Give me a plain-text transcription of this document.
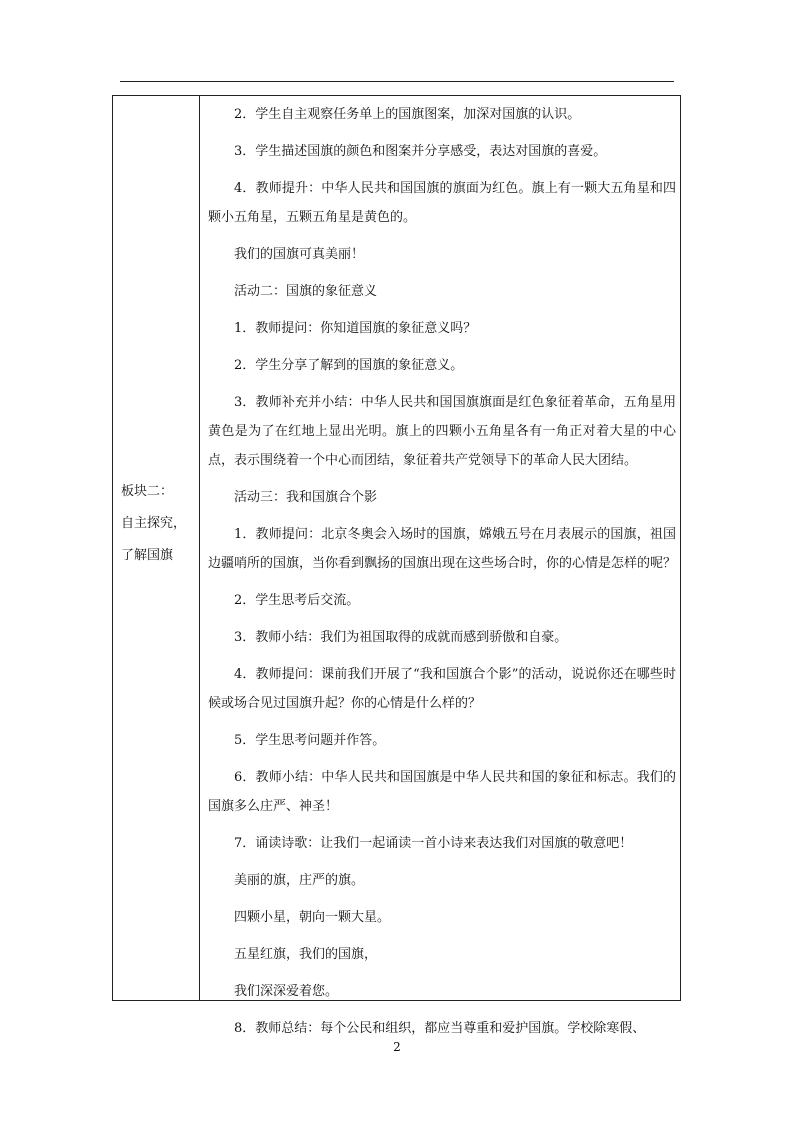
板块二：
自主探究，
了解国旗

2．学生自主观察任务单上的国旗图案，加深对国旗的认识。

3．学生描述国旗的颜色和图案并分享感受，表达对国旗的喜爱。

4．教师提升：中华人民共和国国旗的旗面为红色。旗上有一颗大五角星和四颗小五角星，五颗五角星是黄色的。

我们的国旗可真美丽！

活动二：国旗的象征意义

1．教师提问：你知道国旗的象征意义吗？

2．学生分享了解到的国旗的象征意义。

3．教师补充并小结：中华人民共和国国旗旗面是红色象征着革命，五角星用黄色是为了在红地上显出光明。旗上的四颗小五角星各有一角正对着大星的中心点，表示围绕着一个中心而团结，象征着共产党领导下的革命人民大团结。

活动三：我和国旗合个影

1．教师提问：北京冬奥会入场时的国旗，嫦娥五号在月表展示的国旗，祖国边疆哨所的国旗，当你看到飘扬的国旗出现在这些场合时，你的心情是怎样的呢？

2．学生思考后交流。

3．教师小结：我们为祖国取得的成就而感到骄傲和自豪。

4．教师提问：课前我们开展了“我和国旗合个影”的活动，说说你还在哪些时候或场合见过国旗升起？你的心情是什么样的？

5．学生思考问题并作答。

6．教师小结：中华人民共和国国旗是中华人民共和国的象征和标志。我们的国旗多么庄严、神圣！

7．诵读诗歌：让我们一起诵读一首小诗来表达我们对国旗的敬意吧！

美丽的旗，庄严的旗。

四颗小星，朝向一颗大星。

五星红旗，我们的国旗，

我们深深爱着您。

8．教师总结：每个公民和组织，都应当尊重和爱护国旗。学校除寒假、

2
